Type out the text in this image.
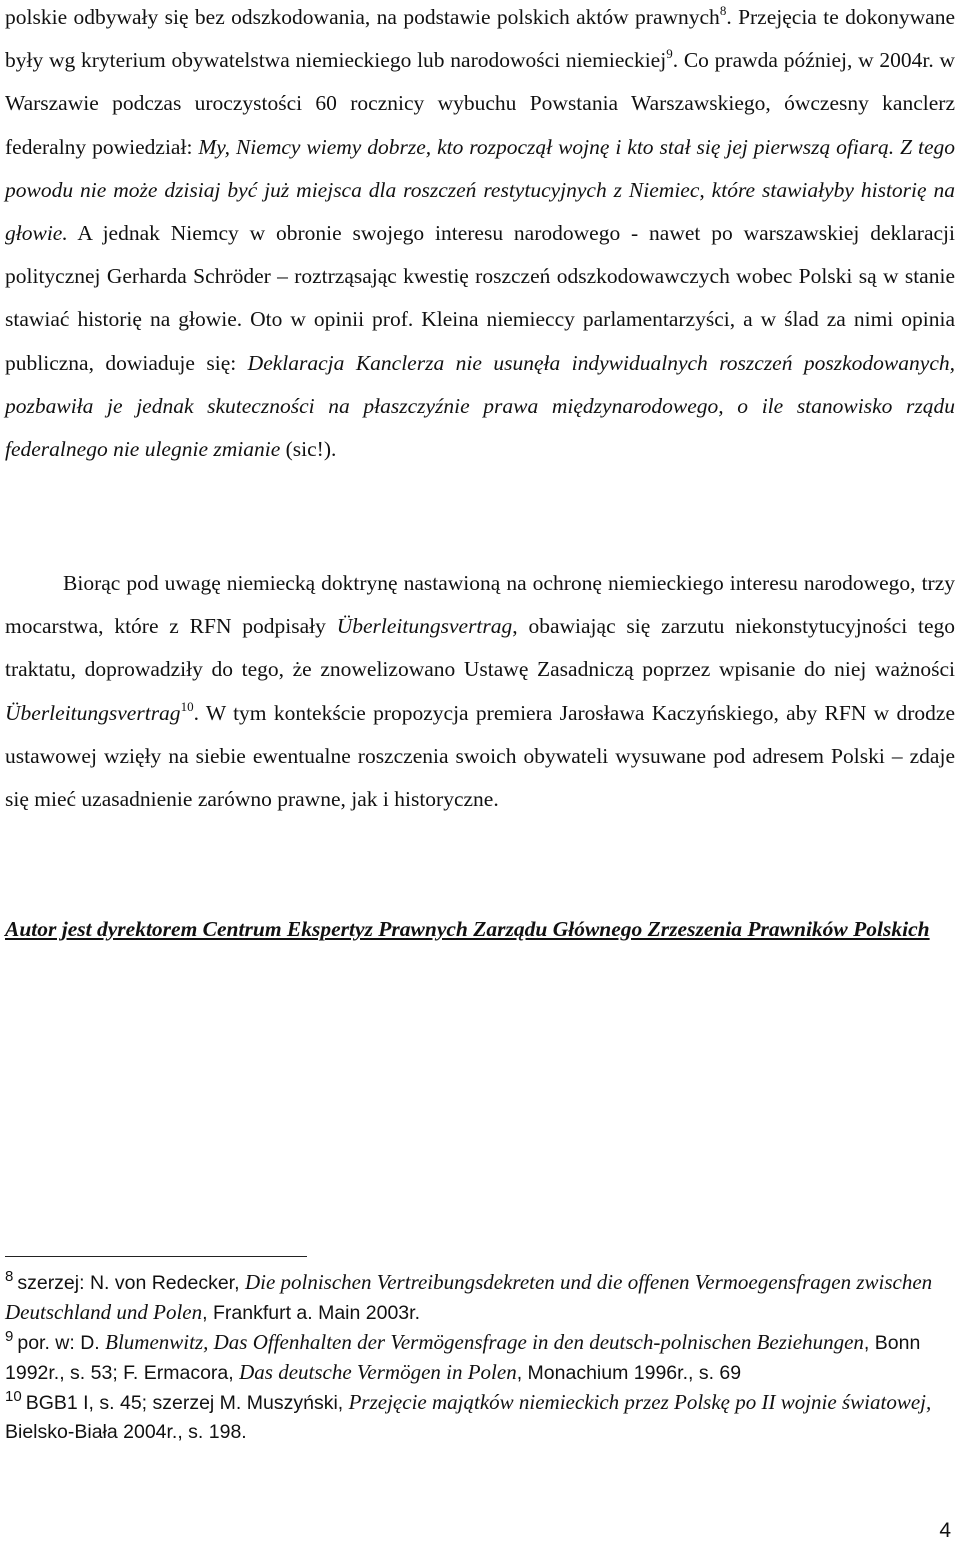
polskie odbywały się bez odszkodowania, na podstawie polskich aktów prawnych$^8$. Przejęcia te dokonywane były wg kryterium obywatelstwa niemieckiego lub narodowości niemieckiej$^9$. Co prawda później, w 2004r. w Warszawie podczas uroczystości 60 rocznicy wybuchu Powstania Warszawskiego, ówczesny kanclerz federalny powiedział: My, Niemcy wiemy dobrze, kto rozpoczął wojnę i kto stał się jej pierwszą ofiarą. Z tego powodu nie może dzisiaj być już miejsca dla roszczeń restytucyjnych z Niemiec, które stawiałyby historię na głowie. A jednak Niemcy w obronie swojego interesu narodowego - nawet po warszawskiej deklaracji politycznej Gerharda Schröder – roztrząsając kwestię roszczeń odszkodowawczych wobec Polski są w stanie stawiać historię na głowie. Oto w opinii prof. Kleina niemieccy parlamentarzyści, a w ślad za nimi opinia publiczna, dowiaduje się: Deklaracja Kanclerza nie usunęła indywidualnych roszczeń poszkodowanych, pozbawiła je jednak skuteczności na płaszczyźnie prawa międzynarodowego, o ile stanowisko rządu federalnego nie ulegnie zmianie (sic!).

Biorąc pod uwagę niemiecką doktrynę nastawioną na ochronę niemieckiego interesu narodowego, trzy mocarstwa, które z RFN podpisały Überleitungsvertrag, obawiając się zarzutu niekonstytucyjności tego traktatu, doprowadziły do tego, że znowelizowano Ustawę Zasadniczą poprzez wpisanie do niej ważności Überleitungsvertrag$^{10}$. W tym kontekście propozycja premiera Jarosława Kaczyńskiego, aby RFN w drodze ustawowej wzięły na siebie ewentualne roszczenia swoich obywateli wysuwane pod adresem Polski – zdaje się mieć uzasadnienie zarówno prawne, jak i historyczne.

Autor jest dyrektorem Centrum Ekspertyz Prawnych Zarządu Głównego Zrzeszenia Prawników Polskich

$^8$ szerzej: N. von Redecker, Die polnischen Vertreibungsdekreten und die offenen Vermoegensfragen zwischen Deutschland und Polen, Frankfurt a. Main 2003r.

$^9$ por. w: D. Blumenwitz, Das Offenhalten der Vermögensfrage in den deutsch-polnischen Beziehungen, Bonn 1992r., s. 53; F. Ermacora, Das deutsche Vermögen in Polen, Monachium 1996r., s. 69

$^{10}$ BGB1 I, s. 45; szerzej M. Muszyński, Przejęcie majątków niemieckich przez Polskę po II wojnie światowej, Bielsko-Biała 2004r., s. 198.

4
